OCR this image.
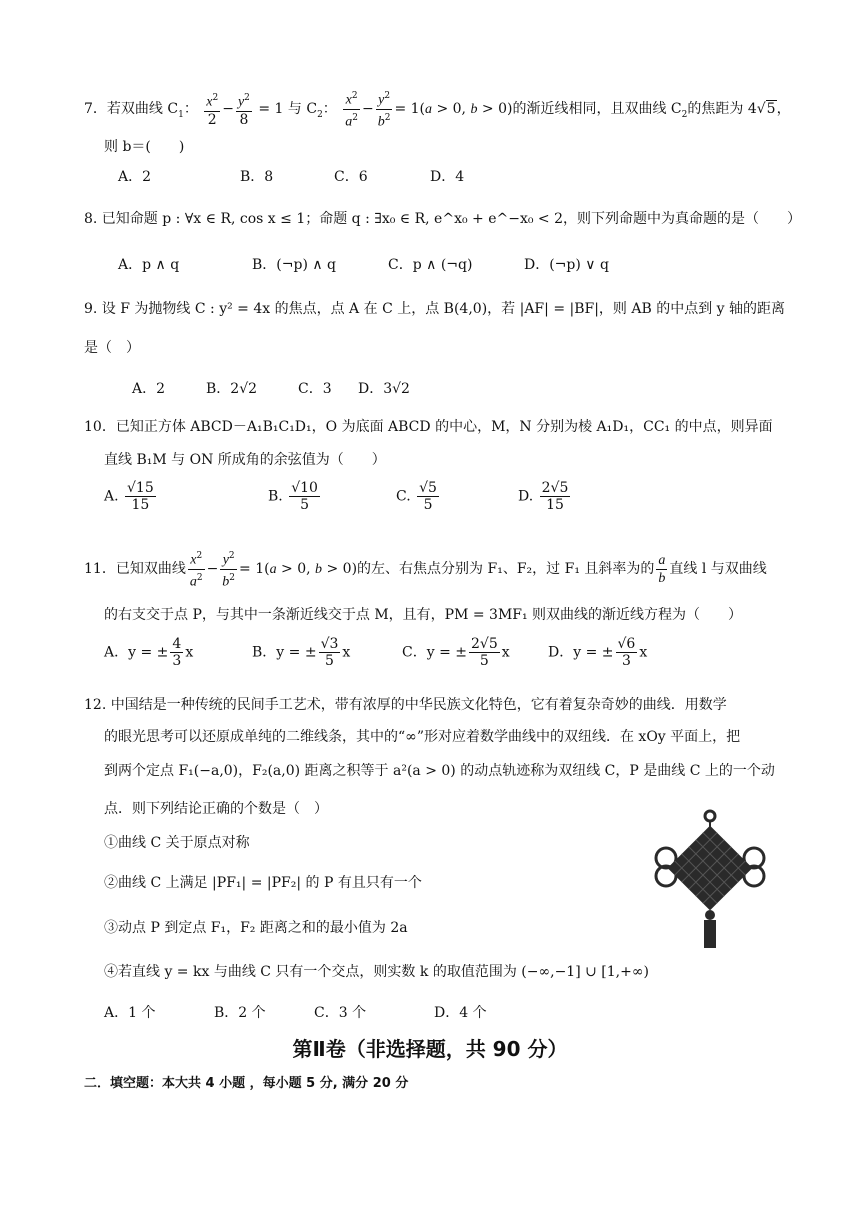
7．若双曲线 $C_1$： $\frac{x^2}{2} - \frac{y^2}{8} = 1$ 与 $C_2$： $\frac{x^2}{a^2} - \frac{y^2}{b^2} = 1(a > 0$, b > 0)的渐近线相同，且双曲线 $C_2$的焦距为 4√5，
则 b＝(　　)
A．2	B．8	C．6	D．4
8. 已知命题 p : ∀x ∈ R, cos x ≤ 1；命题 q : ∃x₀ ∈ R, e^x₀ + e^−x₀ < 2，则下列命题中为真命题的是（　　）
A．p ∧ q	B．(¬p) ∧ q	C．p ∧ (¬q)	D．(¬p) ∨ q
9. 设 F 为抛物线 C : y² = 4x 的焦点，点 A 在 C 上，点 B(4,0)，若 |AF| = |BF|，则 AB 的中点到 y 轴的距离
是（　）
A．2	B．2√2	C．3 D．3√2
10．已知正方体 ABCD－A₁B₁C₁D₁，O 为底面 ABCD 的中心，M，N 分别为棱 A₁D₁，CC₁ 的中点，则异面
直线 B₁M 与 ON 所成角的余弦值为（　　）
A. $\frac{√15}{15}$	B. $\frac{√10}{5}$	C. $\frac{√5}{5}$	D. $\frac{2√5}{15}$
11．已知双曲线 $\frac{x^2}{a^2} - \frac{y^2}{b^2} = 1(a > 0$, b > 0)的左、右焦点分别为 F₁、F₂，过 F₁ 且斜率为的 $\frac{a}{b}$ 直线 l 与双曲线
的右支交于点 P，与其中一条渐近线交于点 M，且有，PM = 3MF₁ 则双曲线的渐近线方程为（　　）
A．y = ± $\frac{4}{3}$ x	B．y = ± $\frac{√3}{5}$ x	C．y = ± $\frac{2√5}{5}$ x	D．y = ± $\frac{√6}{3}$ x
12. 中国结是一种传统的民间手工艺术，带有浓厚的中华民族文化特色，它有着复杂奇妙的曲线．用数学
的眼光思考可以还原成单纯的二维线条，其中的“∞”形对应着数学曲线中的双纽线．在 xOy 平面上，把
到两个定点 F₁(−a,0)，F₂(a,0) 距离之积等于 a²(a > 0) 的动点轨迹称为双纽线 C，P 是曲线 C 上的一个动
点．则下列结论正确的个数是（　）
①曲线 C 关于原点对称
②曲线 C 上满足 |PF₁| = |PF₂| 的 P 有且只有一个
③动点 P 到定点 F₁，F₂ 距离之和的最小值为 2a
④若直线 y = kx 与曲线 C 只有一个交点，则实数 k 的取值范围为 (−∞,−1] ∪ [1,+∞)
A．1 个	B．2 个	C．3 个	D．4 个
第Ⅱ卷（非选择题，共 90 分）
二．填空题：本大共 4 小题 ，每小题 5 分, 满分 20 分
